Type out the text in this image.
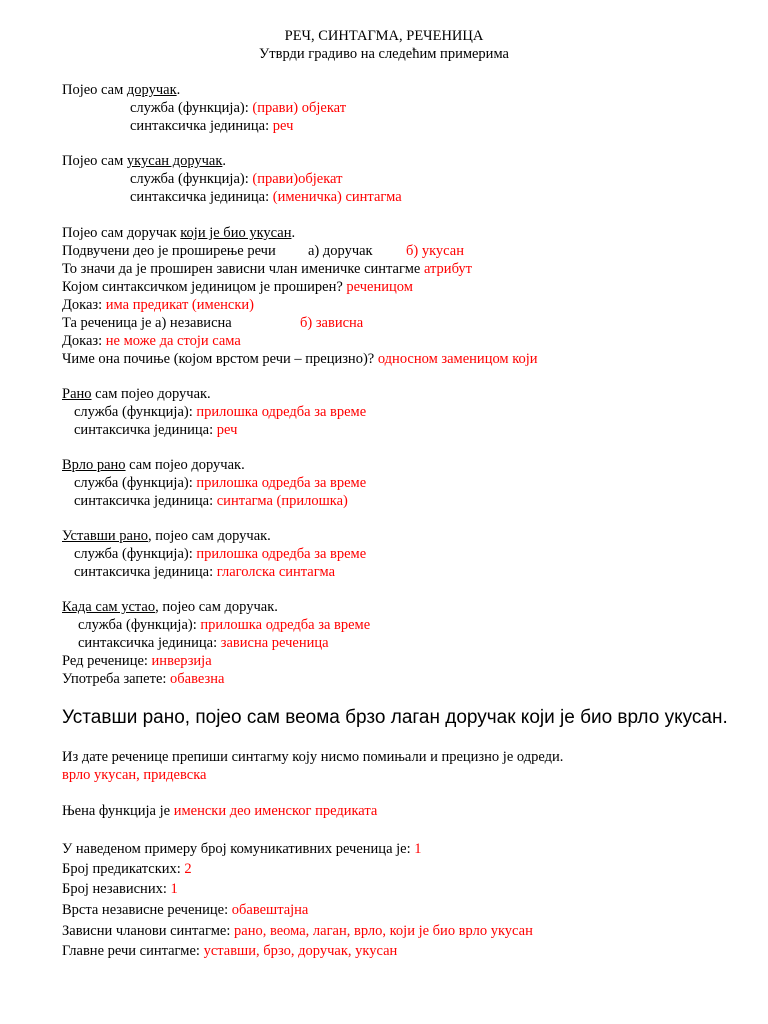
РЕЧ, СИНТАГМА, РЕЧЕНИЦА
Утврди градиво на следећим примерима
Појео сам доручак.
служба (функција): (прави) објекат
синтаксичка јединица: реч
Појео сам укусан доручак.
служба (функција): (прави)објекат
синтаксичка јединица: (именичка) синтагма
Појео сам доручак који је био укусан.
Подвучени део је проширење речи а) доручак б) укусан
То значи да је проширен зависни члан именичке синтагме атрибут
Којом синтаксичком јединицом је проширен? реченицом
Доказ: има предикат (именски)
Та реченица је а) независна	б) зависна
Доказ: не може да стоји сама
Чиме она почиње (којом врстом речи – прецизно)? односном заменицом који
Рано сам појео доручак.
служба (функција): прилошка одредба за време
синтаксичка јединица: реч
Врло рано сам појео доручак.
служба (функција): прилошка одредба за време
синтаксичка јединица: синтагма (прилошка)
Уставши рано, појео сам доручак.
служба (функција): прилошка одредба за време
синтаксичка јединица: глаголска синтагма
Када сам устао, појео сам доручак.
служба (функција): прилошка одредба за време
синтаксичка јединица: зависна реченица
Ред реченице: инверзија
Употреба запете: обавезна
Уставши рано, појео сам веома брзо лаган доручак који је био врло укусан.
Из дате реченице препиши синтагму коју нисмо помињали и прецизно је одреди.
врло укусан, придевска
Њена функција је именски део именског предиката
У наведеном примеру број комуникативних реченица је: 1
Број предикатских: 2
Број независних: 1
Врста независне реченице: обавештајна
Зависни чланови синтагме: рано, веома, лаган, врло, који је био врло укусан
Главне речи синтагме: уставши, брзо, доручак, укусан
